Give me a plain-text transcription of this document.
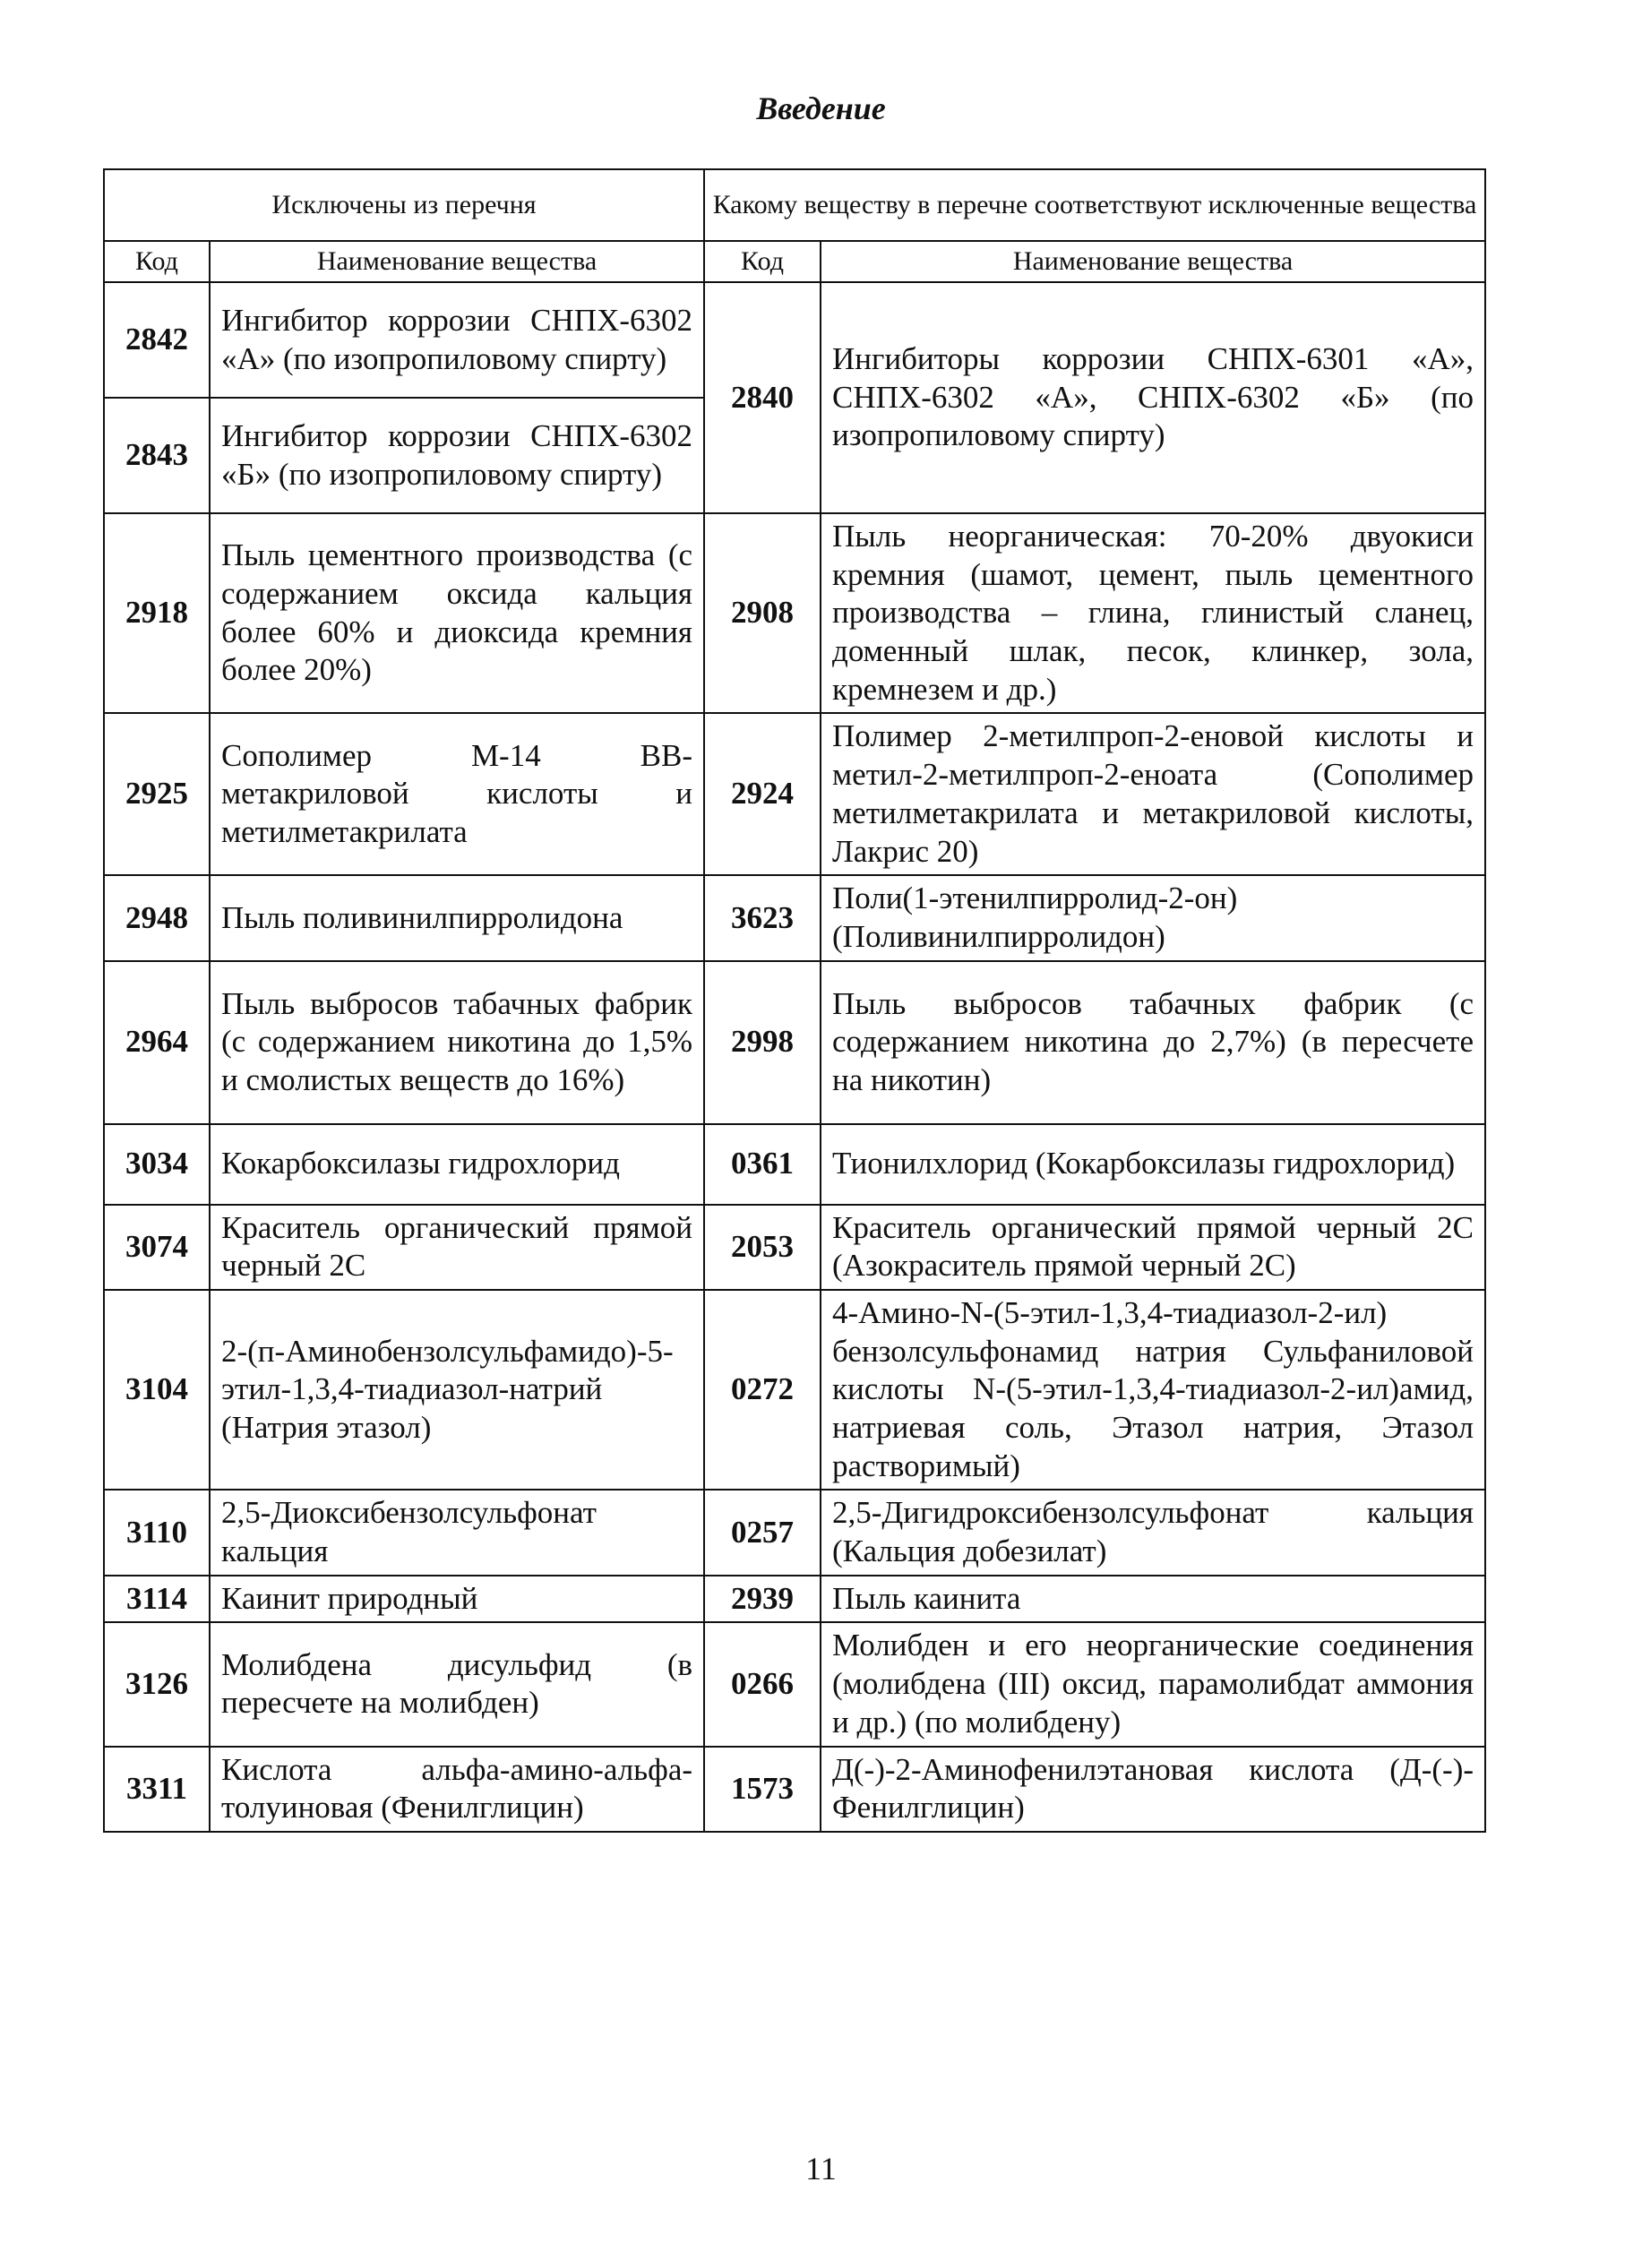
Введение
Исключены из перечня		Какому веществу в перечне соответствуют исключенные вещества	
Код	Наименование вещества	Код	Наименование вещества
2842	Ингибитор коррозии СНПХ-6302 «А» (по изопропиловому спирту)	2840	Ингибиторы коррозии СНПХ-6301 «А», СНПХ-6302 «А», СНПХ-6302 «Б» (по изопропиловому спирту)
2843	Ингибитор коррозии СНПХ-6302 «Б» (по изопропиловому спирту)		
2918	Пыль цементного производства (с содержанием оксида кальция более 60% и диоксида кремния более 20%)	2908	Пыль неорганическая: 70-20% двуокиси кремния (шамот, цемент, пыль цементного производства – глина, глинистый сланец, доменный шлак, песок, клинкер, зола, кремнезем и др.)
2925	Сополимер М-14 ВВ-метакриловой кислоты и метилметакрилата	2924	Полимер 2-метилпроп-2-еновой кислоты и метил-2-метилпроп-2-еноата (Сополимер метилметакрилата и метакриловой кислоты, Лакрис 20)
2948	Пыль поливинилпирролидона	3623	Поли(1-этенилпирролид-2-он) (Поливинилпирролидон)
2964	Пыль выбросов табачных фабрик (с содержанием никотина до 1,5% и смолистых веществ до 16%)	2998	Пыль выбросов табачных фабрик (с содержанием никотина до 2,7%) (в пересчете на никотин)
3034	Кокарбоксилазы гидрохлорид	0361	Тионилхлорид (Кокарбоксилазы гидрохлорид)
3074	Краситель органический прямой черный 2С	2053	Краситель органический прямой черный 2С (Азокраситель прямой черный 2С)
3104	2-(п-Аминобензолсульфамидо)-5-этил-1,3,4-тиадиазол-натрий (Натрия этазол)	0272	4-Амино-N-(5-этил-1,3,4-тиадиазол-2-ил) бензолсульфонамид натрия Сульфаниловой кислоты N-(5-этил-1,3,4-тиадиазол-2-ил)амид, натриевая соль, Этазол натрия, Этазол растворимый)
3110	2,5-Диоксибензолсульфонат кальция	0257	2,5-Дигидроксибензолсульфонат кальция (Кальция добезилат)
3114	Каинит природный	2939	Пыль каинита
3126	Молибдена дисульфид (в пересчете на молибден)	0266	Молибден и его неорганические соединения (молибдена (III) оксид, парамолибдат аммония и др.) (по молибдену)
3311	Кислота альфа-амино-альфа-толуиновая (Фенилглицин)	1573	Д(-)-2-Аминофенилэтановая кислота (Д-(-)-Фенилглицин)
11
